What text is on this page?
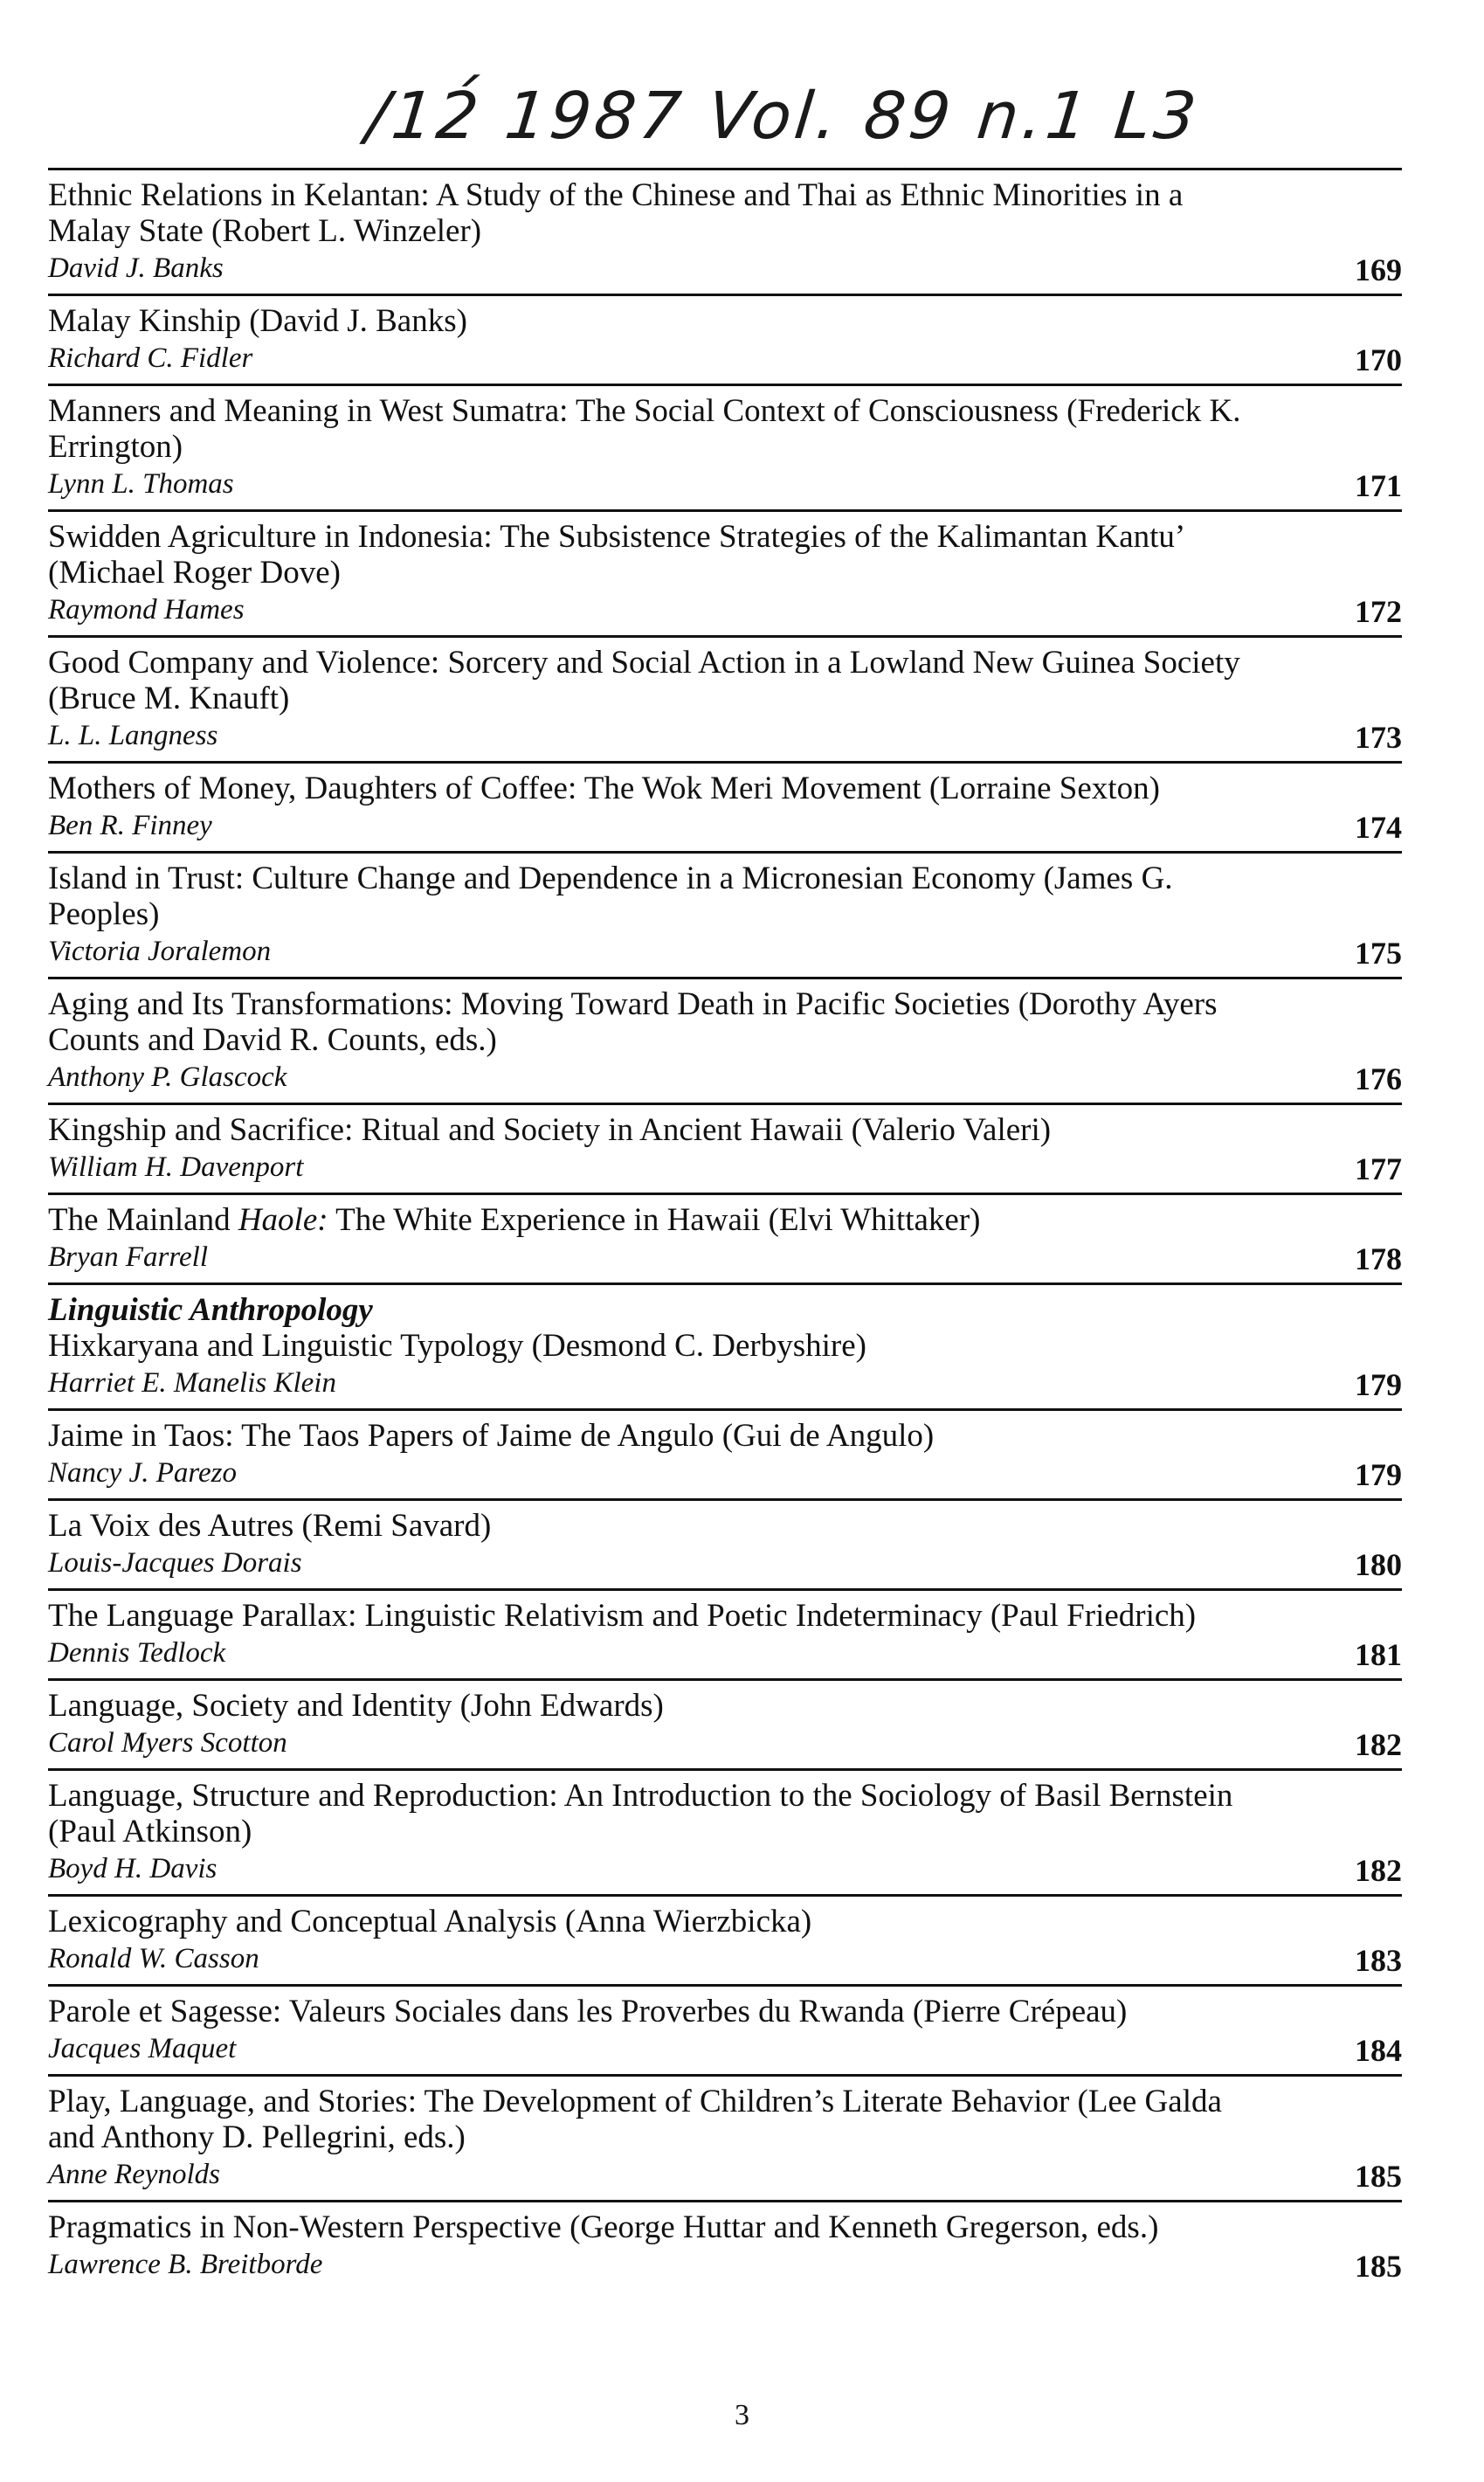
/12́ 1987 Vol. 89 n.1 L3
Ethnic Relations in Kelantan: A Study of the Chinese and Thai as Ethnic Minorities in a Malay State (Robert L. Winzeler)
David J. Banks	169
Malay Kinship (David J. Banks)
Richard C. Fidler	170
Manners and Meaning in West Sumatra: The Social Context of Consciousness (Frederick K. Errington)
Lynn L. Thomas	171
Swidden Agriculture in Indonesia: The Subsistence Strategies of the Kalimantan Kantu’ (Michael Roger Dove)
Raymond Hames	172
Good Company and Violence: Sorcery and Social Action in a Lowland New Guinea Society (Bruce M. Knauft)
L. L. Langness	173
Mothers of Money, Daughters of Coffee: The Wok Meri Movement (Lorraine Sexton)
Ben R. Finney	174
Island in Trust: Culture Change and Dependence in a Micronesian Economy (James G. Peoples)
Victoria Joralemon	175
Aging and Its Transformations: Moving Toward Death in Pacific Societies (Dorothy Ayers Counts and David R. Counts, eds.)
Anthony P. Glascock	176
Kingship and Sacrifice: Ritual and Society in Ancient Hawaii (Valerio Valeri)
William H. Davenport	177
The Mainland Haole: The White Experience in Hawaii (Elvi Whittaker)
Bryan Farrell	178
Linguistic Anthropology
Hixkaryana and Linguistic Typology (Desmond C. Derbyshire)
Harriet E. Manelis Klein	179
Jaime in Taos: The Taos Papers of Jaime de Angulo (Gui de Angulo)
Nancy J. Parezo	179
La Voix des Autres (Remi Savard)
Louis-Jacques Dorais	180
The Language Parallax: Linguistic Relativism and Poetic Indeterminacy (Paul Friedrich)
Dennis Tedlock	181
Language, Society and Identity (John Edwards)
Carol Myers Scotton	182
Language, Structure and Reproduction: An Introduction to the Sociology of Basil Bernstein (Paul Atkinson)
Boyd H. Davis	182
Lexicography and Conceptual Analysis (Anna Wierzbicka)
Ronald W. Casson	183
Parole et Sagesse: Valeurs Sociales dans les Proverbes du Rwanda (Pierre Crépeau)
Jacques Maquet	184
Play, Language, and Stories: The Development of Children’s Literate Behavior (Lee Galda and Anthony D. Pellegrini, eds.)
Anne Reynolds	185
Pragmatics in Non-Western Perspective (George Huttar and Kenneth Gregerson, eds.)
Lawrence B. Breitborde	185
3
